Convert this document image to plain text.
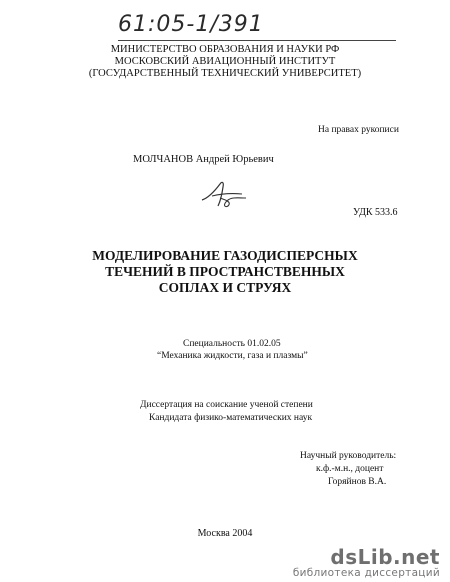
61:05-1/391
МИНИСТЕРСТВО ОБРАЗОВАНИЯ И НАУКИ РФ
МОСКОВСКИЙ АВИАЦИОННЫЙ ИНСТИТУТ
(ГОСУДАРСТВЕННЫЙ ТЕХНИЧЕСКИЙ УНИВЕРСИТЕТ)
На правах рукописи
МОЛЧАНОВ Андрей Юрьевич
УДК 533.6
МОДЕЛИРОВАНИЕ ГАЗОДИСПЕРСНЫХ
ТЕЧЕНИЙ В ПРОСТРАНСТВЕННЫХ
СОПЛАХ И СТРУЯХ
Специальность 01.02.05
“Механика жидкости, газа и плазмы”
Диссертация на соискание ученой степени
Кандидата физико-математических наук
Научный руководитель:
к.ф.-м.н., доцент
Горяйнов В.А.
Москва 2004
dsLib.net
библиотека диссертаций
